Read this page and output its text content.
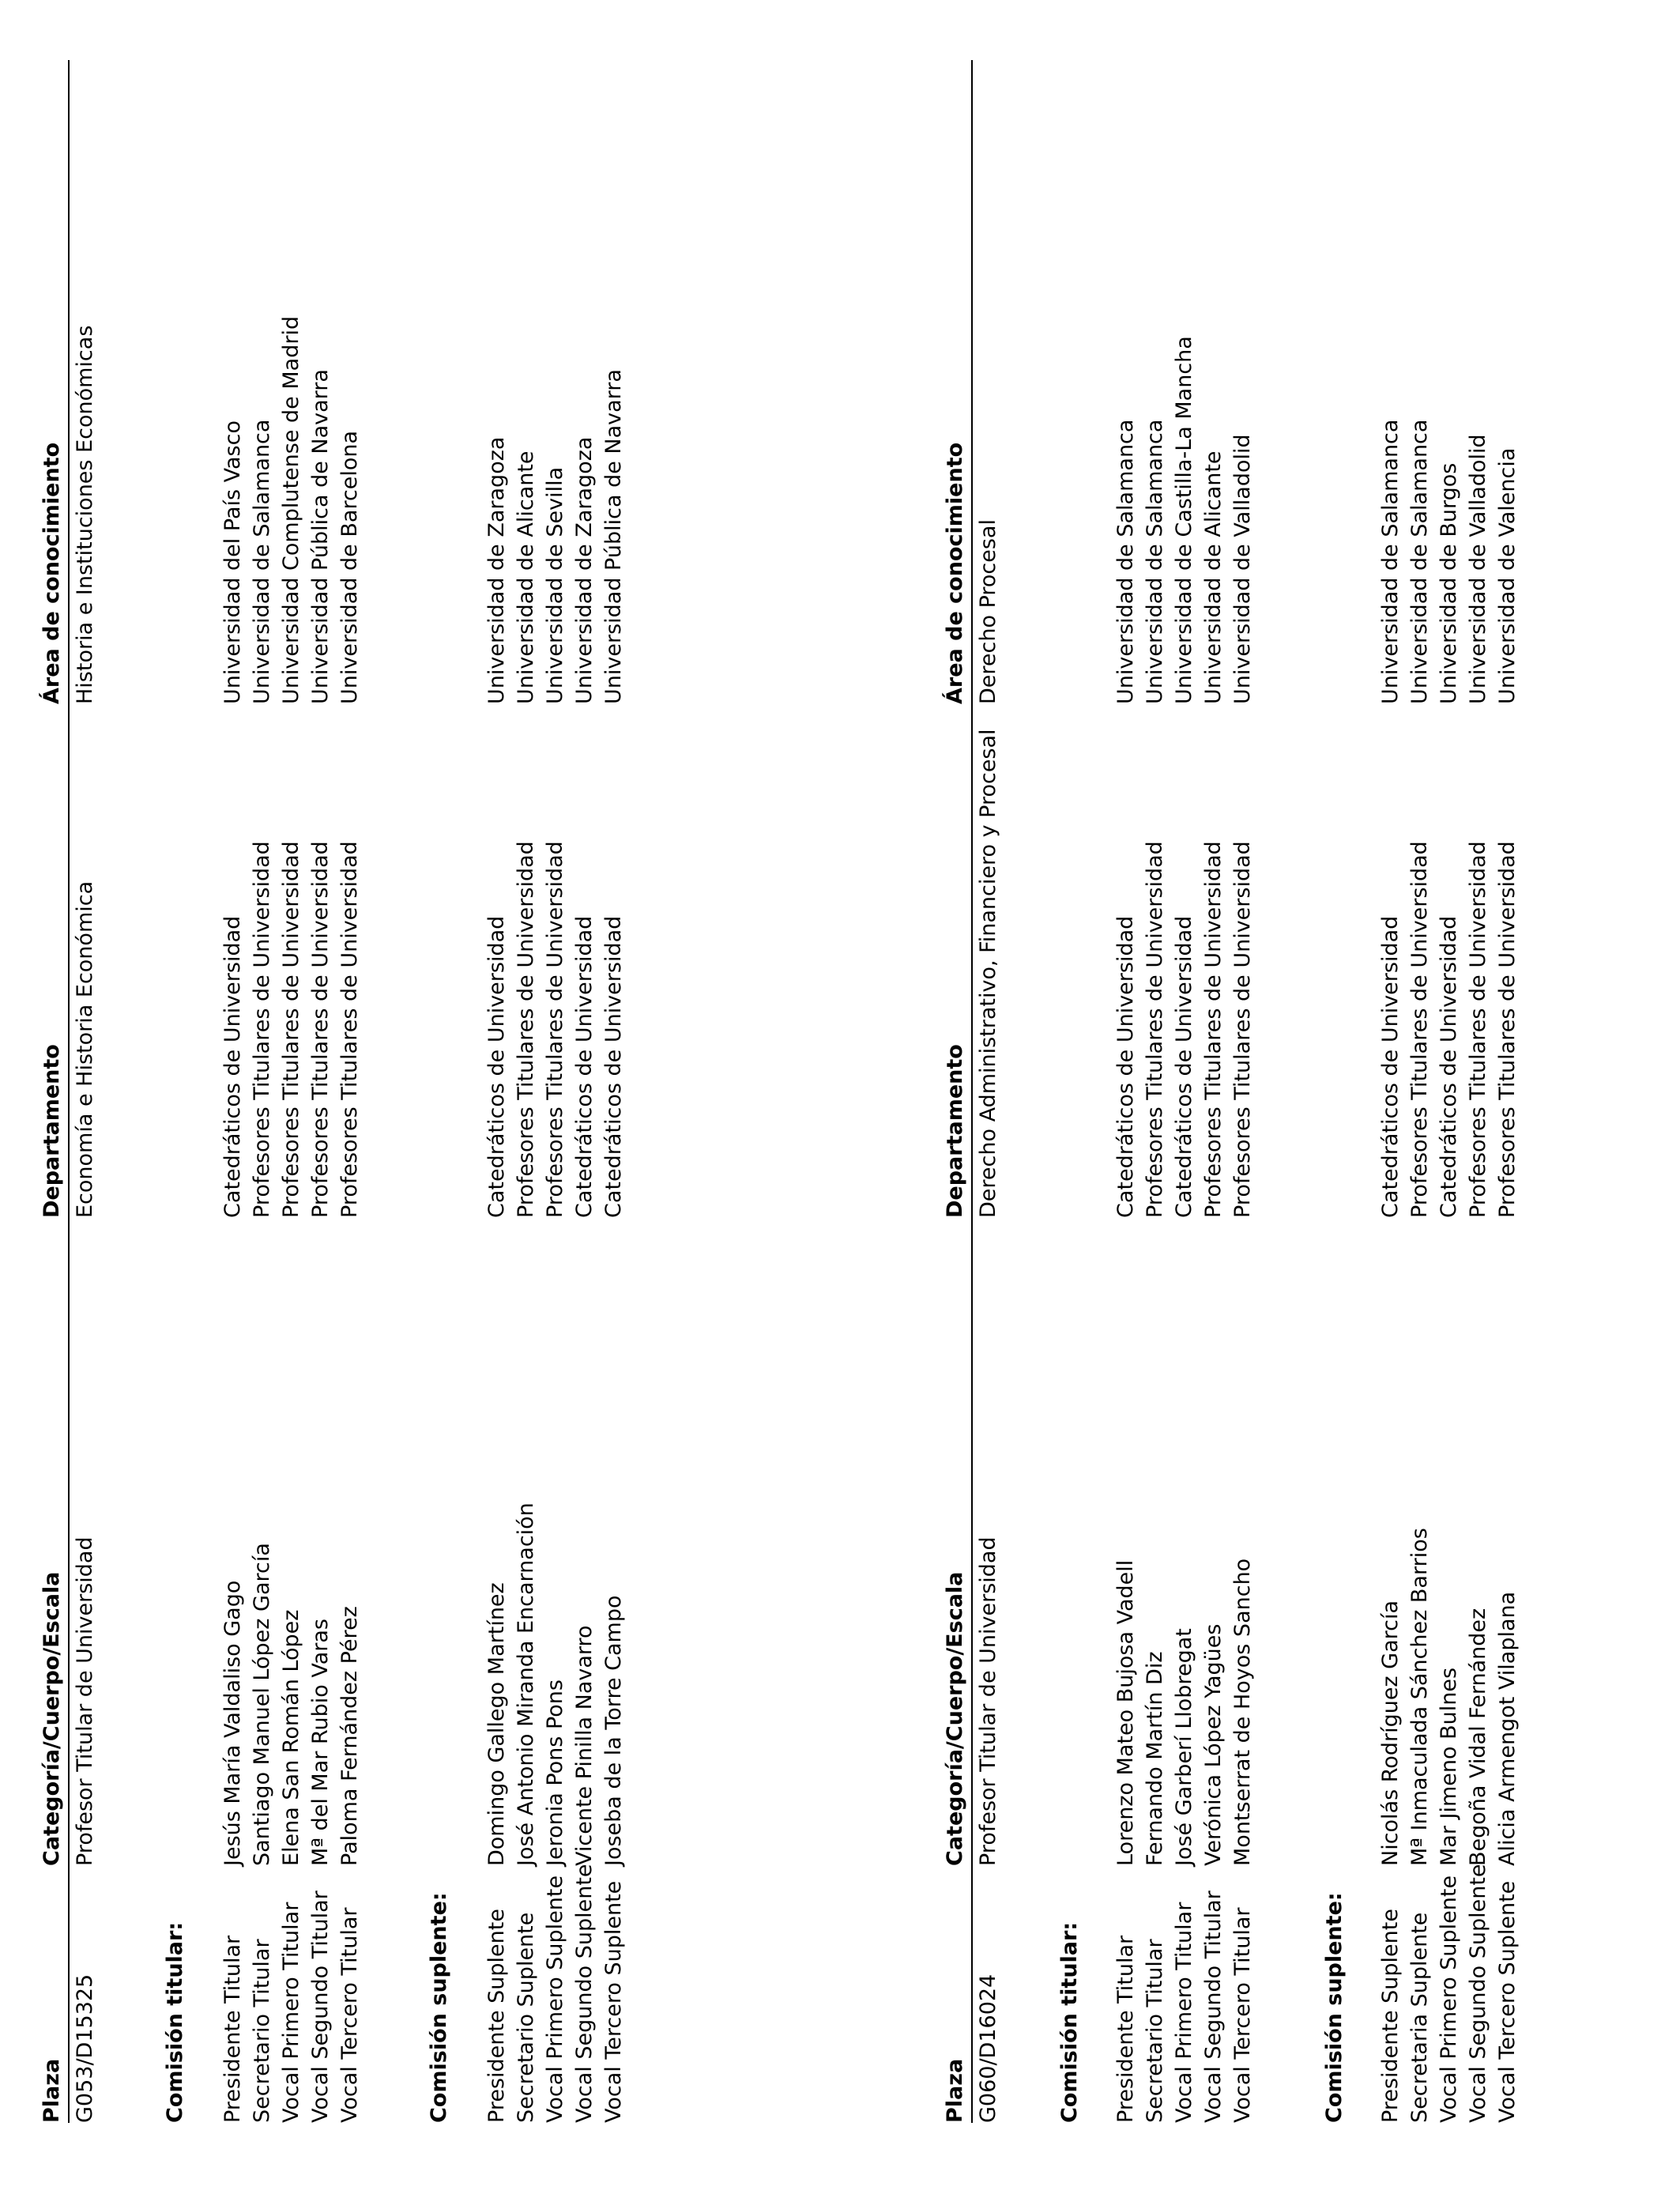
Plaza
Categoría/Cuerpo/Escala
Departamento
Área de conocimiento
G053/D15325
Profesor Titular de Universidad
Economía e Historia Económica
Historia e Instituciones Económicas
Comisión titular: Presidente Titular
Jesús María Valdaliso Gago
Catedráticos de Universidad
Universidad del País Vasco
Secretario Titular
Santiago Manuel López García
Profesores Titulares de Universidad
Universidad de Salamanca
Vocal Primero Titular
Elena San Román López
Profesores Titulares de Universidad
Universidad Complutense de Madrid
Vocal Segundo Titular
Mª del Mar Rubio Varas
Profesores Titulares de Universidad
Universidad Pública de Navarra
Vocal Tercero Titular
Paloma Fernández Pérez
Profesores Titulares de Universidad
Universidad de Barcelona
Comisión suplente: Presidente Suplente
Domingo Gallego Martínez
Catedráticos de Universidad
Universidad de Zaragoza
Secretario Suplente
José Antonio Miranda Encarnación
Profesores Titulares de Universidad
Universidad de Alicante
Vocal Primero Suplente
Jeronia Pons Pons
Profesores Titulares de Universidad
Universidad de Sevilla
Vocal Segundo Suplente
Vicente Pinilla Navarro
Catedráticos de Universidad
Universidad de Zaragoza
Vocal Tercero Suplente
Joseba de la Torre Campo
Catedráticos de Universidad
Universidad Pública de Navarra
Plaza
Categoría/Cuerpo/Escala
Departamento
Área de conocimiento
G060/D16024
Profesor Titular de Universidad
Derecho Administrativo, Financiero y Procesal
Derecho Procesal
Comisión titular: Presidente Titular
Lorenzo Mateo Bujosa Vadell
Catedráticos de Universidad
Universidad de Salamanca
Secretario Titular
Fernando Martín Diz
Profesores Titulares de Universidad
Universidad de Salamanca
Vocal Primero Titular
José Garberí Llobregat
Catedráticos de Universidad
Universidad de Castilla-La Mancha
Vocal Segundo Titular
Verónica López Yagües
Profesores Titulares de Universidad
Universidad de Alicante
Vocal Tercero Titular
Montserrat de Hoyos Sancho
Profesores Titulares de Universidad
Universidad de Valladolid
Comisión suplente: Presidente Suplente
Nicolás Rodríguez García
Catedráticos de Universidad
Universidad de Salamanca
Secretaria Suplente
Mª Inmaculada Sánchez Barrios
Profesores Titulares de Universidad
Universidad de Salamanca
Vocal Primero Suplente
Mar Jimeno Bulnes
Catedráticos de Universidad
Universidad de Burgos
Vocal Segundo Suplente
Begoña Vidal Fernández
Profesores Titulares de Universidad
Universidad de Valladolid
Vocal Tercero Suplente
Alicia Armengot Vilaplana
Profesores Titulares de Universidad
Universidad de Valencia
